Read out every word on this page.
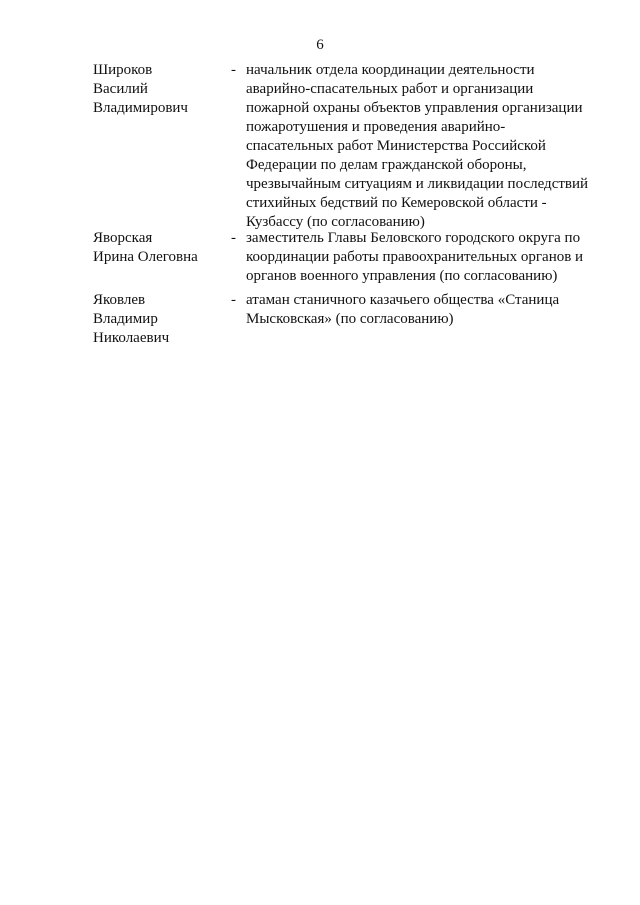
6
Широков
Василий
Владимирович
- начальник отдела координации деятельности
аварийно-спасательных работ и организации
пожарной охраны объектов управления организации
пожаротушения и проведения аварийно-
спасательных работ Министерства Российской
Федерации по делам гражданской обороны,
чрезвычайным ситуациям и ликвидации последствий
стихийных бедствий по Кемеровской области -
Кузбассу (по согласованию)
Яворская
Ирина Олеговна
- заместитель Главы Беловского городского округа по
координации работы правоохранительных органов и
органов военного управления (по согласованию)
Яковлев
Владимир
Николаевич
- атаман станичного казачьего общества «Станица
Мысковская» (по согласованию)
